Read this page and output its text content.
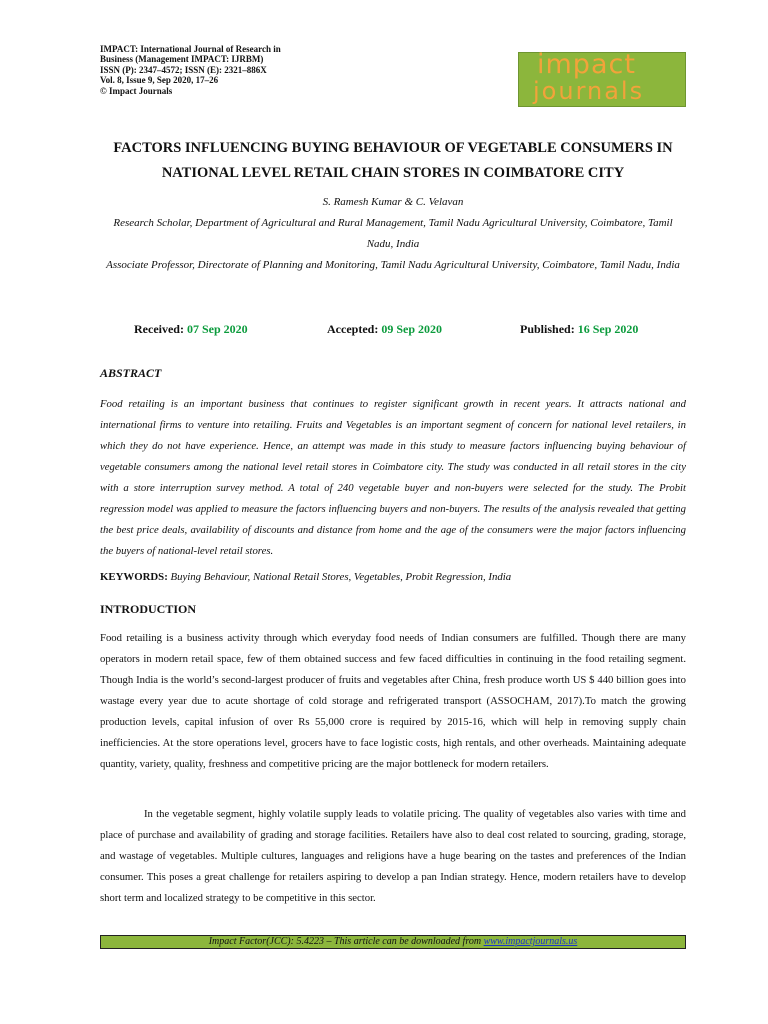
IMPACT: International Journal of Research in
Business (Management IMPACT: IJRBM)
ISSN (P): 2347–4572; ISSN (E): 2321–886X
Vol. 8, Issue 9, Sep 2020, 17–26
© Impact Journals
impact
journals
FACTORS INFLUENCING BUYING BEHAVIOUR OF VEGETABLE CONSUMERS IN
NATIONAL LEVEL RETAIL CHAIN STORES IN COIMBATORE CITY
S. Ramesh Kumar & C. Velavan
Research Scholar, Department of Agricultural and Rural Management, Tamil Nadu Agricultural University, Coimbatore, Tamil Nadu, India
Associate Professor, Directorate of Planning and Monitoring, Tamil Nadu Agricultural University, Coimbatore, Tamil Nadu, India
Received: 07 Sep 2020	Accepted: 09 Sep 2020	Published: 16 Sep 2020
ABSTRACT
Food retailing is an important business that continues to register significant growth in recent years. It attracts national and international firms to venture into retailing. Fruits and Vegetables is an important segment of concern for national level retailers, in which they do not have experience. Hence, an attempt was made in this study to measure factors influencing buying behaviour of vegetable consumers among the national level retail stores in Coimbatore city. The study was conducted in all retail stores in the city with a store interruption survey method. A total of 240 vegetable buyer and non-buyers were selected for the study. The Probit regression model was applied to measure the factors influencing buyers and non-buyers. The results of the analysis revealed that getting the best price deals, availability of discounts and distance from home and the age of the consumers were the major factors influencing the buyers of national-level retail stores.
KEYWORDS: Buying Behaviour, National Retail Stores, Vegetables, Probit Regression, India
INTRODUCTION
Food retailing is a business activity through which everyday food needs of Indian consumers are fulfilled. Though there are many operators in modern retail space, few of them obtained success and few faced difficulties in continuing in the food retailing segment. Though India is the world’s second-largest producer of fruits and vegetables after China, fresh produce worth US $ 440 billion goes into wastage every year due to acute shortage of cold storage and refrigerated transport (ASSOCHAM, 2017).To match the growing production levels, capital infusion of over Rs 55,000 crore is required by 2015-16, which will help in removing supply chain inefficiencies. At the store operations level, grocers have to face logistic costs, high rentals, and other overheads. Maintaining adequate quantity, variety, quality, freshness and competitive pricing are the major bottleneck for modern retailers.
In the vegetable segment, highly volatile supply leads to volatile pricing. The quality of vegetables also varies with time and place of purchase and availability of grading and storage facilities. Retailers have also to deal cost related to sourcing, grading, storage, and wastage of vegetables. Multiple cultures, languages and religions have a huge bearing on the tastes and preferences of the Indian consumer. This poses a great challenge for retailers aspiring to develop a pan Indian strategy. Hence, modern retailers have to develop short term and localized strategy to be competitive in this sector.
Impact Factor(JCC): 5.4223 – This article can be downloaded from www.impactjournals.us
